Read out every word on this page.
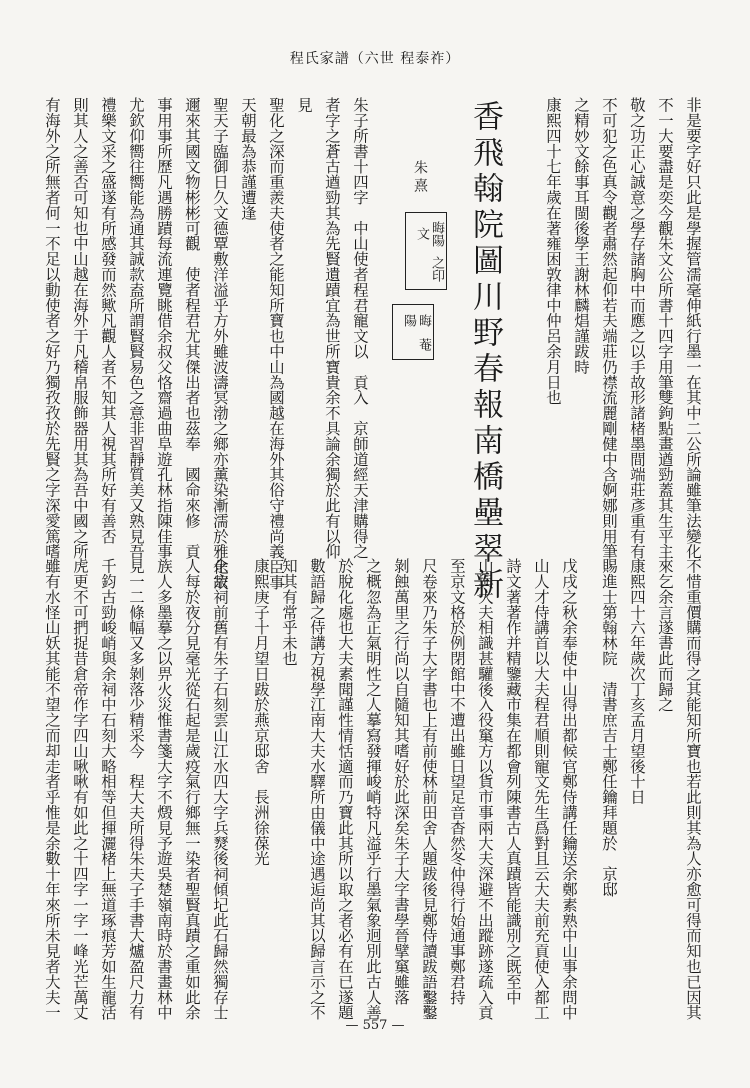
程氏家譜（六世 程泰祚）
非是要字好只此是學握管濡毫伸紙行墨一在其中二公所論雖筆法變化
不一大要盡是奕今觀朱文公所書十四字用筆雙鉤點畫遒勁蓋其生平主
敬之功正心誠意之學存諸胸中而應之以手故形諸楮墨間端莊彥重有有
不可犯之色真令觀者肅然起仰若夫端莊仍襟流麗剛健中含婀娜則用筆
之精妙文餘事耳閩後學王謝林麟焻謹跋時
康熙四十七年歲在著雍困敦律中仲呂余月日也
香飛翰院圖川野春報南橋壘翠新
朱熹
晦陽文
之印
晦陽
菴
朱子所書十四字　中山使者程君寵文以　貢入　京師道經天津購得之
者字之蒼古遒勁其為先賢遺蹟宜為世所寶貴余不具論余獨於此有以仰
見
聖化之深而重羨夫使者之能知所寶也中山為國越在海外其俗守禮尚義臣事
天朝最為恭謹遭逢
聖天子臨御日久文德覃敷洋溢乎方外雖波濤冥渤之鄉亦薰染漸濡於雅化故
邇來其國文物彬彬可觀　使者程君尤其傑出者也茲奉　國命來修　貢
事用事所歷凡遇勝蹟每流連覽眺借余叔父恪齋過曲阜遊孔林指陳佳事
尤欽仰嚮往嚮能為通其誠款盍所謂賢賢易色之意非習靜質美又熟見吾
禮樂文采之盛遂有所感發而然歟凡觀人者不知其人視其所好有善否
則其人之善否可知也中山越在海外于凡稽帛服飾器用其為吾中國之所
有海外之所無者何一不足以動使者之好乃獨孜孜於先賢之字深愛篤嗜
不惜重價購而得之其能知所寶也若此則其為人亦愈可得而知也已因其
來乞余言遂書此而歸之
康熙四十六年歲次丁亥孟月望後十日
賜進士第翰林院　清書庶吉士鄭任鑰拜題於　京邸
戊戌之秋余奉使中山得出都候官鄭侍講任鑰送余鄭素熟中山事余問中
山人才侍講首以大夫程君順則寵文先生爲對且云大夫前充貢使入都工
詩文著著作并精鑒藏市集在都會列陳書古人真蹟皆能識別之既至中
山與大夫相識甚驩後入役窼方以貨市事兩大夫深避不出蹤跡遂疏入貢
至京文格於例閉館中不遭出雖日望足音杳然冬仲得行始通事鄭君持
尺卷來乃朱子大字書也上有前使林前田舍人題跋後見鄭侍讀跋語鑿鑿
剝蝕萬里之行尚以自隨知其嗜好於此深矣朱子大字書學晉擘窼雖落
之概忽為正氣明性之人摹寫發揮峻峭特凡溢乎行墨氣象迥別此古人善
於脫化處也大夫素聞謹性情恬適而乃寶此其所以取之者必有在已遂題
數語歸之侍講方視學江南大夫水驛所由儀中途遇逅尚其以歸言示之不
知其有常乎未也
康熙庚子十月望日跋於燕京邸舍　長洲徐葆光
余宗祠前舊有朱子石刻雲山江水四大字兵燹後祠傾圮此石歸然獨存士
人每於夜分見毫光從石起是歲疫氣行鄉無一染者聖賢真蹟之重如此余
族人多墨摹之以畀火災惟書箋大字不燬見予遊吳楚嶺南時於書畫林中
見一二條幅又多剝落少精采今　程大夫所得朱夫子手書大爐盈尺力有
千鈞古勁峻峭與余祠中石刻大略相等但揮灑楮上無道琢痕芳如生龍活
虎更不可捫捉昔倉帝作字四山啾啾有如此之十四字一字一峰光芒萬丈
雖有水怪山妖其能不望之而却走者乎惟是余數十年來所未見者大夫一
— 557 —
